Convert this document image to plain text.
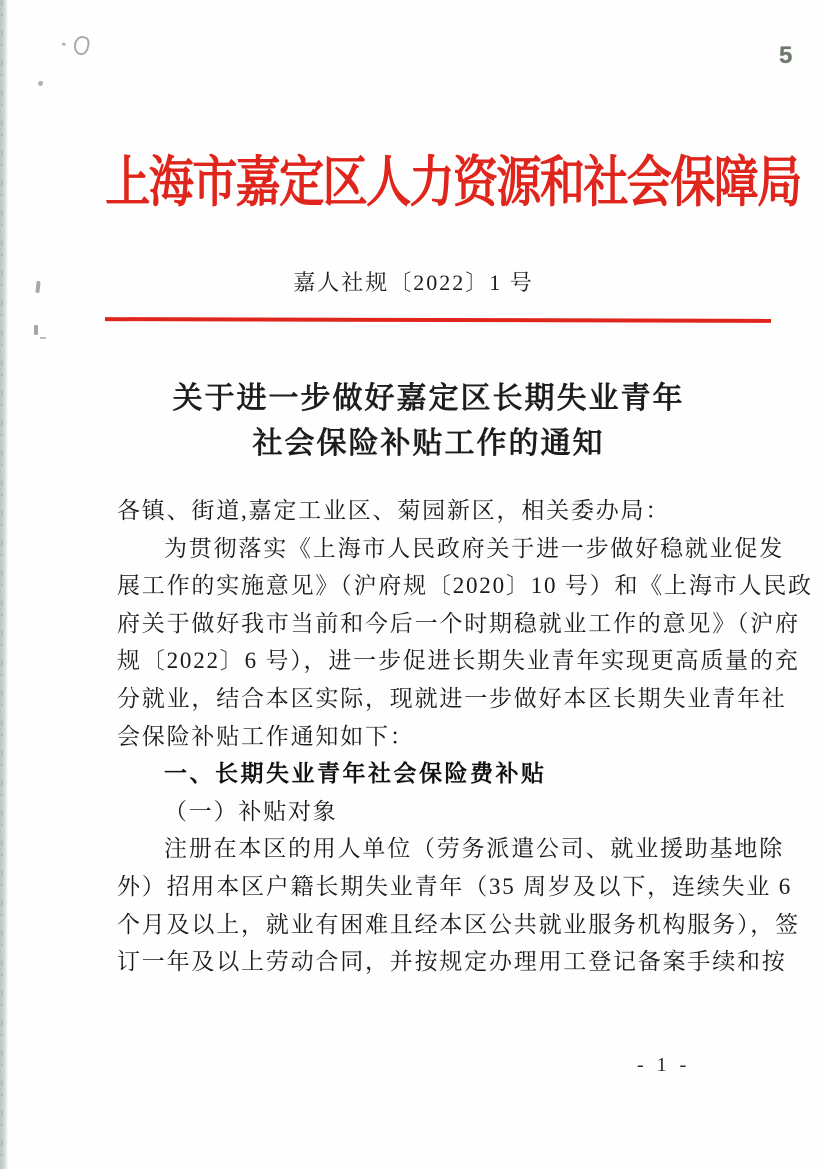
5
上海市嘉定区人力资源和社会保障局
嘉人社规〔2022〕1 号
关于进一步做好嘉定区长期失业青年
社会保险补贴工作的通知
各镇、街道,嘉定工业区、菊园新区，相关委办局：
为贯彻落实《上海市人民政府关于进一步做好稳就业促发
展工作的实施意见》（沪府规〔2020〕10 号）和《上海市人民政
府关于做好我市当前和今后一个时期稳就业工作的意见》（沪府
规〔2022〕6 号），进一步促进长期失业青年实现更高质量的充
分就业，结合本区实际，现就进一步做好本区长期失业青年社
会保险补贴工作通知如下：
一、长期失业青年社会保险费补贴
（一）补贴对象
注册在本区的用人单位（劳务派遣公司、就业援助基地除
外）招用本区户籍长期失业青年（35 周岁及以下，连续失业 6
个月及以上，就业有困难且经本区公共就业服务机构服务），签
订一年及以上劳动合同，并按规定办理用工登记备案手续和按
- 1 -
